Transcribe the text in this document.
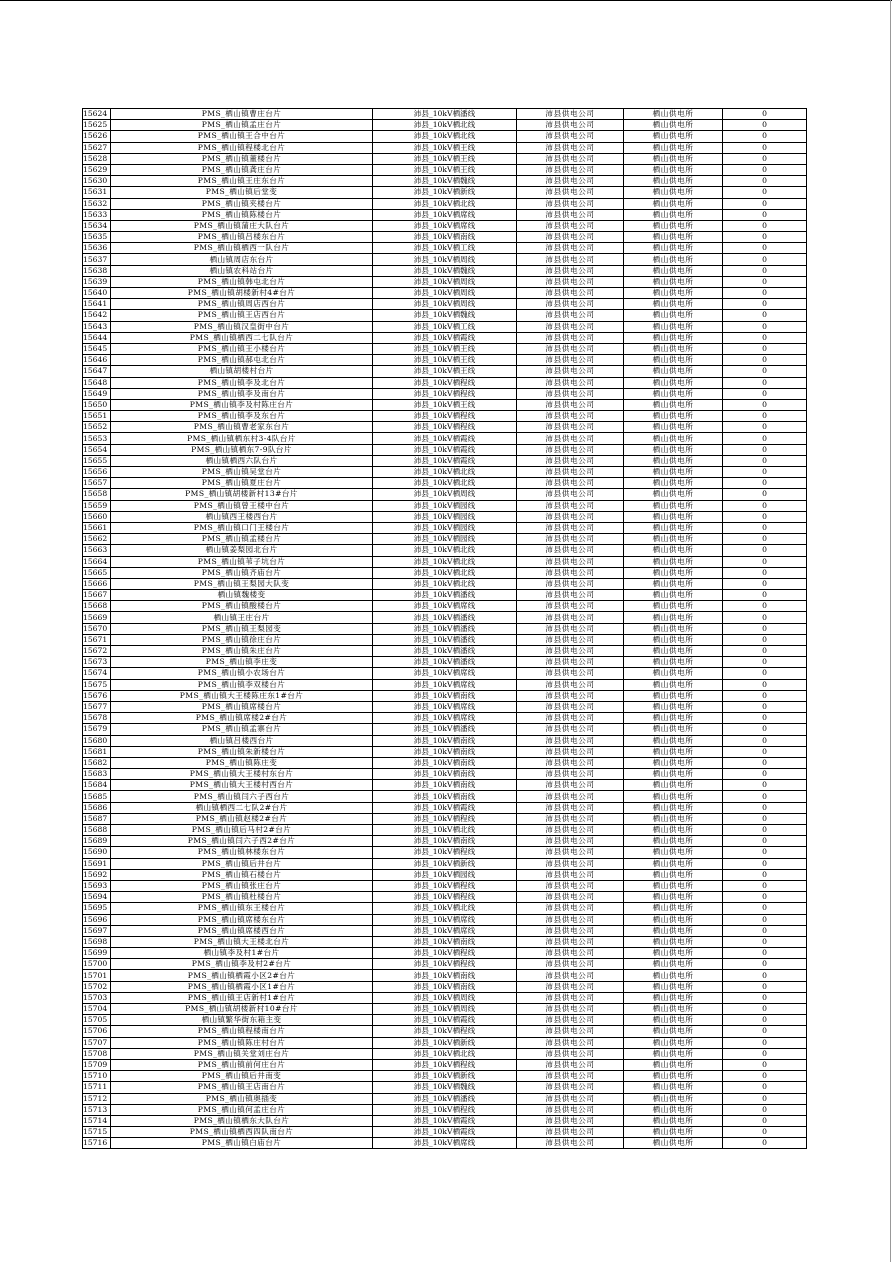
15624	PMS_栖山镇曹庄台片	沛县_10kV栖潘线	沛县供电公司	栖山供电所	0
15625	PMS_栖山镇孟庄台片	沛县_10kV栖北线	沛县供电公司	栖山供电所	0
15626	PMS_栖山镇王合中台片	沛县_10kV栖北线	沛县供电公司	栖山供电所	0
15627	PMS_栖山镇程楼北台片	沛县_10kV栖王线	沛县供电公司	栖山供电所	0
15628	PMS_栖山镇董楼台片	沛县_10kV栖王线	沛县供电公司	栖山供电所	0
15629	PMS_栖山镇龚庄台片	沛县_10kV栖王线	沛县供电公司	栖山供电所	0
15630	PMS_栖山镇王庄东台片	沛县_10kV栖魏线	沛县供电公司	栖山供电所	0
15631	PMS_栖山镇后堂变	沛县_10kV栖新线	沛县供电公司	栖山供电所	0
15632	PMS_栖山镇夹楼台片	沛县_10kV栖北线	沛县供电公司	栖山供电所	0
15633	PMS_栖山镇陈楼台片	沛县_10kV栖席线	沛县供电公司	栖山供电所	0
15634	PMS_栖山镇蒲庄大队台片	沛县_10kV栖席线	沛县供电公司	栖山供电所	0
15635	PMS_栖山镇吕楼东台片	沛县_10kV栖南线	沛县供电公司	栖山供电所	0
15636	PMS_栖山镇栖西一队台片	沛县_10kV栖工线	沛县供电公司	栖山供电所	0
15637	栖山镇周店东台片	沛县_10kV栖周线	沛县供电公司	栖山供电所	0
15638	栖山镇农科站台片	沛县_10kV栖魏线	沛县供电公司	栖山供电所	0
15639	PMS_栖山镇韩屯北台片	沛县_10kV栖周线	沛县供电公司	栖山供电所	0
15640	PMS_栖山镇胡楼新村4#台片	沛县_10kV栖周线	沛县供电公司	栖山供电所	0
15641	PMS_栖山镇周店西台片	沛县_10kV栖周线	沛县供电公司	栖山供电所	0
15642	PMS_栖山镇王店西台片	沛县_10kV栖魏线	沛县供电公司	栖山供电所	0
15643	PMS_栖山镇汉皇街中台片	沛县_10kV栖工线	沛县供电公司	栖山供电所	0
15644	PMS_栖山镇栖西二七队台片	沛县_10kV栖霞线	沛县供电公司	栖山供电所	0
15645	PMS_栖山镇王小楼台片	沛县_10kV栖王线	沛县供电公司	栖山供电所	0
15646	PMS_栖山镇郝屯北台片	沛县_10kV栖王线	沛县供电公司	栖山供电所	0
15647	栖山镇胡楼村台片	沛县_10kV栖王线	沛县供电公司	栖山供电所	0
15648	PMS_栖山镇李及北台片	沛县_10kV栖程线	沛县供电公司	栖山供电所	0
15649	PMS_栖山镇李及南台片	沛县_10kV栖程线	沛县供电公司	栖山供电所	0
15650	PMS_栖山镇李及村陈庄台片	沛县_10kV栖王线	沛县供电公司	栖山供电所	0
15651	PMS_栖山镇李及东台片	沛县_10kV栖程线	沛县供电公司	栖山供电所	0
15652	PMS_栖山镇曹老家东台片	沛县_10kV栖程线	沛县供电公司	栖山供电所	0
15653	PMS_栖山镇栖东村3-4队台片	沛县_10kV栖霞线	沛县供电公司	栖山供电所	0
15654	PMS_栖山镇栖东7-9队台片	沛县_10kV栖霞线	沛县供电公司	栖山供电所	0
15655	栖山镇栖西六队台片	沛县_10kV栖霞线	沛县供电公司	栖山供电所	0
15656	PMS_栖山镇吴堂台片	沛县_10kV栖北线	沛县供电公司	栖山供电所	0
15657	PMS_栖山镇夏庄台片	沛县_10kV栖北线	沛县供电公司	栖山供电所	0
15658	PMS_栖山镇胡楼新村13#台片	沛县_10kV栖周线	沛县供电公司	栖山供电所	0
15659	PMS_栖山镇曾王楼中台片	沛县_10kV栖园线	沛县供电公司	栖山供电所	0
15660	栖山镇西王楼西台片	沛县_10kV栖园线	沛县供电公司	栖山供电所	0
15661	PMS_栖山镇口门王楼台片	沛县_10kV栖园线	沛县供电公司	栖山供电所	0
15662	PMS_栖山镇孟楼台片	沛县_10kV栖园线	沛县供电公司	栖山供电所	0
15663	栖山镇姜梨园北台片	沛县_10kV栖北线	沛县供电公司	栖山供电所	0
15664	PMS_栖山镇苇子坑台片	沛县_10kV栖北线	沛县供电公司	栖山供电所	0
15665	PMS_栖山镇齐庙台片	沛县_10kV栖北线	沛县供电公司	栖山供电所	0
15666	PMS_栖山镇王梨园大队变	沛县_10kV栖北线	沛县供电公司	栖山供电所	0
15667	栖山镇魏楼变	沛县_10kV栖潘线	沛县供电公司	栖山供电所	0
15668	PMS_栖山镇酸楼台片	沛县_10kV栖席线	沛县供电公司	栖山供电所	0
15669	栖山镇王庄台片	沛县_10kV栖潘线	沛县供电公司	栖山供电所	0
15670	PMS_栖山镇王梨园变	沛县_10kV栖潘线	沛县供电公司	栖山供电所	0
15671	PMS_栖山镇徐庄台片	沛县_10kV栖潘线	沛县供电公司	栖山供电所	0
15672	PMS_栖山镇朱庄台片	沛县_10kV栖潘线	沛县供电公司	栖山供电所	0
15673	PMS_栖山镇李庄变	沛县_10kV栖潘线	沛县供电公司	栖山供电所	0
15674	PMS_栖山镇小农场台片	沛县_10kV栖席线	沛县供电公司	栖山供电所	0
15675	PMS_栖山镇李双楼台片	沛县_10kV栖席线	沛县供电公司	栖山供电所	0
15676	PMS_栖山镇大王楼陈庄东1#台片	沛县_10kV栖南线	沛县供电公司	栖山供电所	0
15677	PMS_栖山镇席楼台片	沛县_10kV栖席线	沛县供电公司	栖山供电所	0
15678	PMS_栖山镇席楼2#台片	沛县_10kV栖席线	沛县供电公司	栖山供电所	0
15679	PMS_栖山镇孟寨台片	沛县_10kV栖潘线	沛县供电公司	栖山供电所	0
15680	栖山镇吕楼西台片	沛县_10kV栖南线	沛县供电公司	栖山供电所	0
15681	PMS_栖山镇朱新楼台片	沛县_10kV栖南线	沛县供电公司	栖山供电所	0
15682	PMS_栖山镇陈庄变	沛县_10kV栖南线	沛县供电公司	栖山供电所	0
15683	PMS_栖山镇大王楼村东台片	沛县_10kV栖南线	沛县供电公司	栖山供电所	0
15684	PMS_栖山镇大王楼村西台片	沛县_10kV栖南线	沛县供电公司	栖山供电所	0
15685	PMS_栖山镇闫六子西台片	沛县_10kV栖南线	沛县供电公司	栖山供电所	0
15686	栖山镇栖西二七队2#台片	沛县_10kV栖霞线	沛县供电公司	栖山供电所	0
15687	PMS_栖山镇赵楼2#台片	沛县_10kV栖程线	沛县供电公司	栖山供电所	0
15688	PMS_栖山镇后马村2#台片	沛县_10kV栖北线	沛县供电公司	栖山供电所	0
15689	PMS_栖山镇闫六子西2#台片	沛县_10kV栖南线	沛县供电公司	栖山供电所	0
15690	PMS_栖山镇林楼东台片	沛县_10kV栖程线	沛县供电公司	栖山供电所	0
15691	PMS_栖山镇后井台片	沛县_10kV栖新线	沛县供电公司	栖山供电所	0
15692	PMS_栖山镇石楼台片	沛县_10kV栖园线	沛县供电公司	栖山供电所	0
15693	PMS_栖山镇张庄台片	沛县_10kV栖程线	沛县供电公司	栖山供电所	0
15694	PMS_栖山镇杜楼台片	沛县_10kV栖程线	沛县供电公司	栖山供电所	0
15695	PMS_栖山镇东王楼台片	沛县_10kV栖北线	沛县供电公司	栖山供电所	0
15696	PMS_栖山镇席楼东台片	沛县_10kV栖席线	沛县供电公司	栖山供电所	0
15697	PMS_栖山镇席楼西台片	沛县_10kV栖席线	沛县供电公司	栖山供电所	0
15698	PMS_栖山镇大王楼北台片	沛县_10kV栖南线	沛县供电公司	栖山供电所	0
15699	栖山镇李及村1#台片	沛县_10kV栖程线	沛县供电公司	栖山供电所	0
15700	PMS_栖山镇李及村2#台片	沛县_10kV栖程线	沛县供电公司	栖山供电所	0
15701	PMS_栖山镇栖霞小区2#台片	沛县_10kV栖南线	沛县供电公司	栖山供电所	0
15702	PMS_栖山镇栖霞小区1#台片	沛县_10kV栖南线	沛县供电公司	栖山供电所	0
15703	PMS_栖山镇王店新村1#台片	沛县_10kV栖周线	沛县供电公司	栖山供电所	0
15704	PMS_栖山镇胡楼新村10#台片	沛县_10kV栖周线	沛县供电公司	栖山供电所	0
15705	栖山镇繁华街东箱主变	沛县_10kV栖霞线	沛县供电公司	栖山供电所	0
15706	PMS_栖山镇程楼南台片	沛县_10kV栖程线	沛县供电公司	栖山供电所	0
15707	PMS_栖山镇陈庄村台片	沛县_10kV栖新线	沛县供电公司	栖山供电所	0
15708	PMS_栖山镇关堂刘庄台片	沛县_10kV栖北线	沛县供电公司	栖山供电所	0
15709	PMS_栖山镇前何庄台片	沛县_10kV栖程线	沛县供电公司	栖山供电所	0
15710	PMS_栖山镇后井南变	沛县_10kV栖新线	沛县供电公司	栖山供电所	0
15711	PMS_栖山镇王店南台片	沛县_10kV栖魏线	沛县供电公司	栖山供电所	0
15712	PMS_栖山镇奥插变	沛县_10kV栖潘线	沛县供电公司	栖山供电所	0
15713	PMS_栖山镇何孟庄台片	沛县_10kV栖程线	沛县供电公司	栖山供电所	0
15714	PMS_栖山镇栖东大队台片	沛县_10kV栖霞线	沛县供电公司	栖山供电所	0
15715	PMS_栖山镇栖西四队南台片	沛县_10kV栖霞线	沛县供电公司	栖山供电所	0
15716	PMS_栖山镇白庙台片	沛县_10kV栖席线	沛县供电公司	栖山供电所	0
